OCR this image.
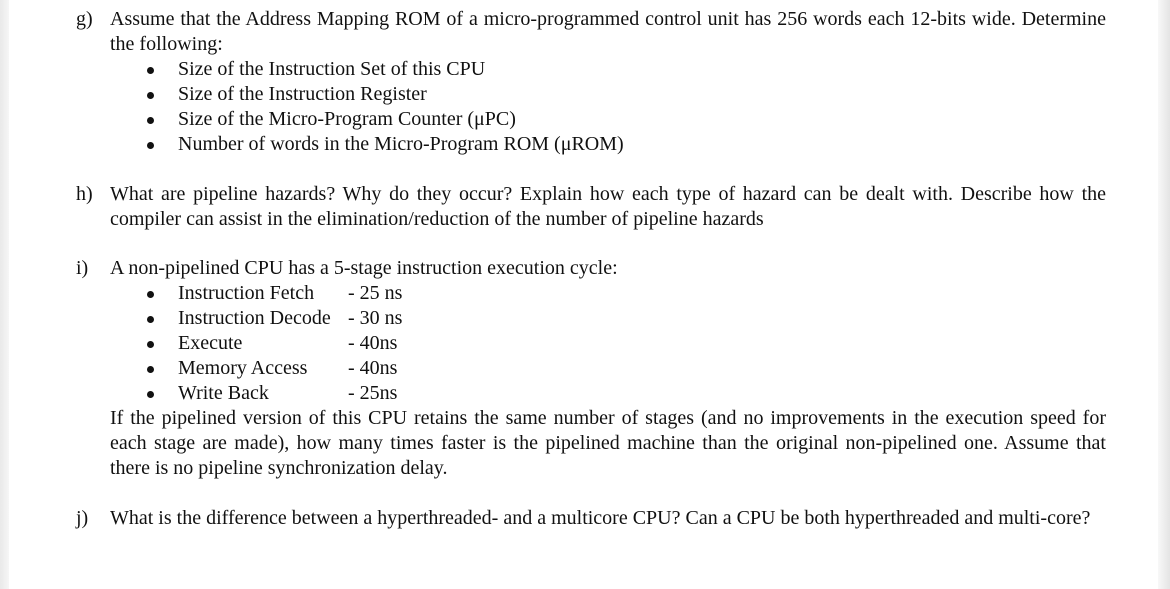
g) Assume that the Address Mapping ROM of a micro-programmed control unit has 256 words each 12-bits wide. Determine the following:

Size of the Instruction Set of this CPU
Size of the Instruction Register
Size of the Micro-Program Counter (μPC)
Number of words in the Micro-Program ROM (μROM)
h) What are pipeline hazards? Why do they occur? Explain how each type of hazard can be dealt with. Describe how the compiler can assist in the elimination/reduction of the number of pipeline hazards

i)	A non-pipelined CPU has a 5-stage instruction execution cycle:

Instruction Fetch - 25 ns
Instruction Decode - 30 ns
Execute	- 40ns
Memory Access - 40ns
Write Back	- 25ns

If the pipelined version of this CPU retains the same number of stages (and no improvements in the execution speed for each stage are made), how many times faster is the pipelined machine than the original non-pipelined one. Assume that there is no pipeline synchronization delay.

j)	What is the difference between a hyperthreaded- and a multicore CPU? Can a CPU be both hyperthreaded and multi-core?
